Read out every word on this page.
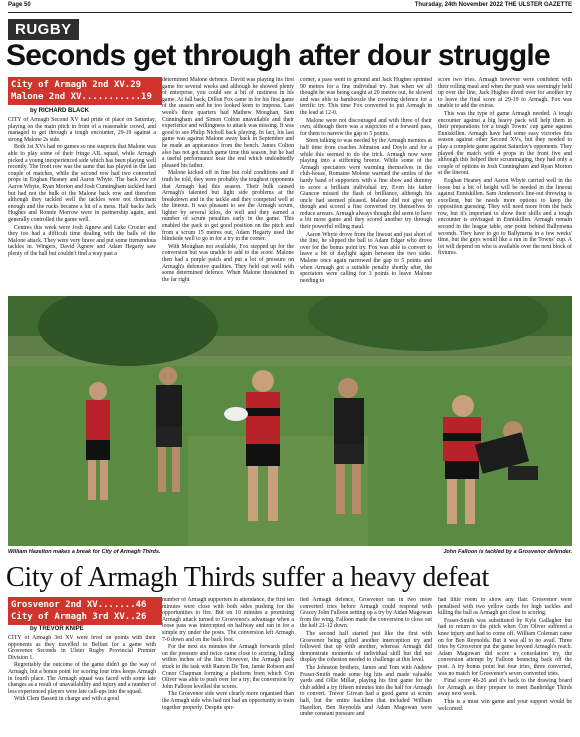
Page 50	Thursday, 24th November 2022 THE ULSTER GAZETTE
RUGBY
Seconds get through after dour struggle
City of Armagh 2nd XV.29
Malone 2nd XV...........19
by RICHARD BLACK

CITY of Armagh Second XV had pride of place on Saturday, playing on the main pitch in front of a reasonable crowd, and managed to get through a tough encounter, 29-19 against a strong Malone 2s side.

Both 1st XVs had no games so one suspects that Malone was able to play some of their fringe AIL squad, while Armagh picked a young inexperienced side which has been playing well recently. The front row was the same that has played in the last couple of matches, while the second row had two converted props in Eoghan Heaney and Aaron Whyte. The back row of Aaron Whyte, Ryan Morton and Josh Cunningham tackled hard but had not the bulk of the Malone back row and therefore although they tackled well the tackles were not dominant enough and the rucks became a bit of a mess. Half backs Jack Hughes and Ronnie Morrow were in partnership again, and generally controlled the game well.

Centres this week were Josh Agnew and Luke Crozier and they too had a difficult time dealing with the balls of the Malone attack. They were very brave and put some tremendous tackles in. Wingers, David Agnew and Adam Hegarty saw plenty of the ball but couldn't find a way past a

determined Malone defence. David was playing his first game for several weeks and although he showed plenty of enterprise, you could see a bit of rustiness in his game. At full back, Dillon Fox came in for his first game of the season and he too looked keen to impress. Last week's three quarters had Mathew Moughan, Sam Cunningham and Simon Colton unavailable and their experience and willingness to attack was missing. It was good to see Philip Nicholl back playing. In fact, his last game was against Malone away back in September and he made an appearance from the bench. James Colton also has not got much game time this season, but he had a useful performance near the end which undoubtedly pleased his father.

Malone kicked off in fine but cold conditions and if truth be told, they were probably the toughest opponents that Armagh had this season. Their bulk caused Armagh's talented but light side problems at the breakdown and in the tackle and they competed well at the lineout. It was pleasant to see the Armagh scrum, lighter by several kilos, do well and they earned a number of scrum penalties early in the game. This enabled the pack to get good position on the pitch and from a scrum 15 metres out, Adam Hegarty used the blindside well to go in for a try in the corner.

With Moughan not available, Fox stepped up for the conversion but was unable to add to the score. Malone then had a purple patch and put a lot of pressure on Armagh's defensive qualities. They held out well with some determined defence. When Malone threatened in the far right

corner, a pass went to ground and Jack Hughes sprinted 90 metres for a fine individual try. Just when we all thought he was being caught at 20 metres out, he slowed and was able to bamboozle the covering defence for a terrific try. This time Fox converted to put Armagh in the lead at 12-0.

Malone were not discouraged and with three of their own, although there was a suspicion of a forward pass, for them to narrow the gap to 5 points.

Stern talking to was needed by the Armagh mentors at half time from coaches Johnston and Doyle and for a while this seemed to do the trick. Armagh now were playing into a stiffening breeze. While some of the Armagh spectators were warming themselves in the club-house, Romaine Molone warmed the smiles of the hardy band of supporters with a fine show and dummy to score a brilliant individual try. Even his father Giancoe missed the flash of brilliance, although his uncle had seemed pleased. Malone did not give up though and scored a fine converted try themselves to reduce arrears. Armagh always thought did seem to have a bit more game and they scored another try through their powerful rolling maul.

Aaron Whyte drove from the lineout and just short of the line, he slipped the ball to Adam Edgar who drove over for the bonus point try. Fox was able to convert to leave a bit of daylight again between the two sides. Malone once again narrowed the gap to 5 points and when Armagh got a suitable penalty shortly after, the spectators were calling for 3 points to leave Malone needing to

score two tries. Armagh however were confident with their rolling maul and when the push was seemingly held up over the line, Jack Hughes dived over for another try to leave the final score at 29-19 to Armagh. Fox was unable to add the extras.

This was the type of game Armagh needed. A tough encounter against a big heavy pack will help them in their preparations for a tough Towns' cup game against Enniskillen. Armagh have had some easy victories this season against other Second XVs, but they needed to play a complete game against Saturday's opponents. They played the match with 4 props in the front five and although this helped their scrummaging, they had only a couple of options in Josh Cunningham and Ryan Morton at the lineout.

Eoghan Heaney and Aaron Whyte carried well in the loose but a bit of height will be needed in the lineout against Enniskillen. Sam Anderson's line-out throwing is excellent, but he needs more options to keep the opposition guessing. They will need more from the back row, but it's important to show their skills and a tough encounter is envisaged in Enniskillen. Armagh remain second in the league table, one point behind Ballymena seconds. They have to go to Ballymena in a few weeks' time, but the guys would like a run in the Towns' cup. A lot will depend on who is available over the next block of fixtures.

William Hazelton makes a break for City of Armagh Thirds.	John Falloon is tackled by a Grosvenor defender.
City of Armagh Thirds suffer a heavy defeat
Grosvenor 2nd XV.......46
City of Armagh 3rd XV..26
by TREVOR KNIPE

CITY of Armagh 3rd XV were level on points with their opponents as they travelled to Belfast for a game with Grosvenor Seconds in Ulster Rugby Provincial Premier Division 1.

Regrettably the outcome of the game didn't go the way of Armagh, but a bonus point for scoring four tries keeps Armagh in fourth place. The Armagh squad was faced with some late changes as a result of unavailability and injury and a number of less experienced players were late call-ups into the squad.

With Clem Bassett in charge and with a good

number of Armagh supporters in attendance, the first ten minutes were close with both sides pushing for the opportunities to fire. But on 10 minutes a promising Armagh attack turned to Grosvenor's advantage when a loose pass was intercepted on halfway and ran in for a simple try under the posts. The conversion left Armagh 7-0 down and on the back foot.

For the next six minutes the Armagh forwards piled on the pressure and twice came close to scoring, falling within inches of the line. However, the Armagh pack stuck to the task with Ramon De Ton, Jamie Robson and Conor Chapman forming a platform from which Con Oliver was able to push over for a try; the conversion by John Falloon levelled the scores.

The Grosvenor side were clearly more organised than the Armagh side who had not had an opportunity to train together properly. Despite spir-

ited Armagh defence, Grosvenor ran in two more converted tries before Armagh could respond with Gracey John Falloon setting up a try by Aidan Magowan from the wing. Falloon made the conversion to close out the half 21-12 down.

The second half started just like the first with Grosvenor being gifted another interception try and followed that up with another, whereas Armagh did demonstrate moments of individual skill but did not display the cohesion needed to challenge at this level.

The Johnston brothers, James and Tom with Andrew Fraser-Smith made some big hits and made valuable yards and Ollie Millar, playing his first game for the club added a try fifteen minutes into the half for Armagh to convert. Trevor Girvan had a good game at scrum half, but the entire backline that included William Hazelton, Ben Reynolds and Adam Magowan were under constant pressure and

had little room to show any flair. Grosvenor were penalised with two yellow cards for high tackles and killing the ball as Armagh got close to scoring.

Fraser-Smith was substituted by Kyle Gallagher but had to return to the pitch when Con Oliver suffered a knee injury and had to come off. William Coleman came on for Ben Reynolds. But it was all to no avail. Three tries by Grosvenor put the game beyond Armagh's reach. Adam Magowan did score a consolation try, the conversion attempt by Falloon bouncing back off the post. A try bonus point but four tries, three converted, was no match for Grosvenor's seven converted tries.

Final score 46-26 and it's back to the drawing board for Armagh as they prepare to meet Banbridge Thirds away next week.

This is a must win game and your support would be welcomed.
